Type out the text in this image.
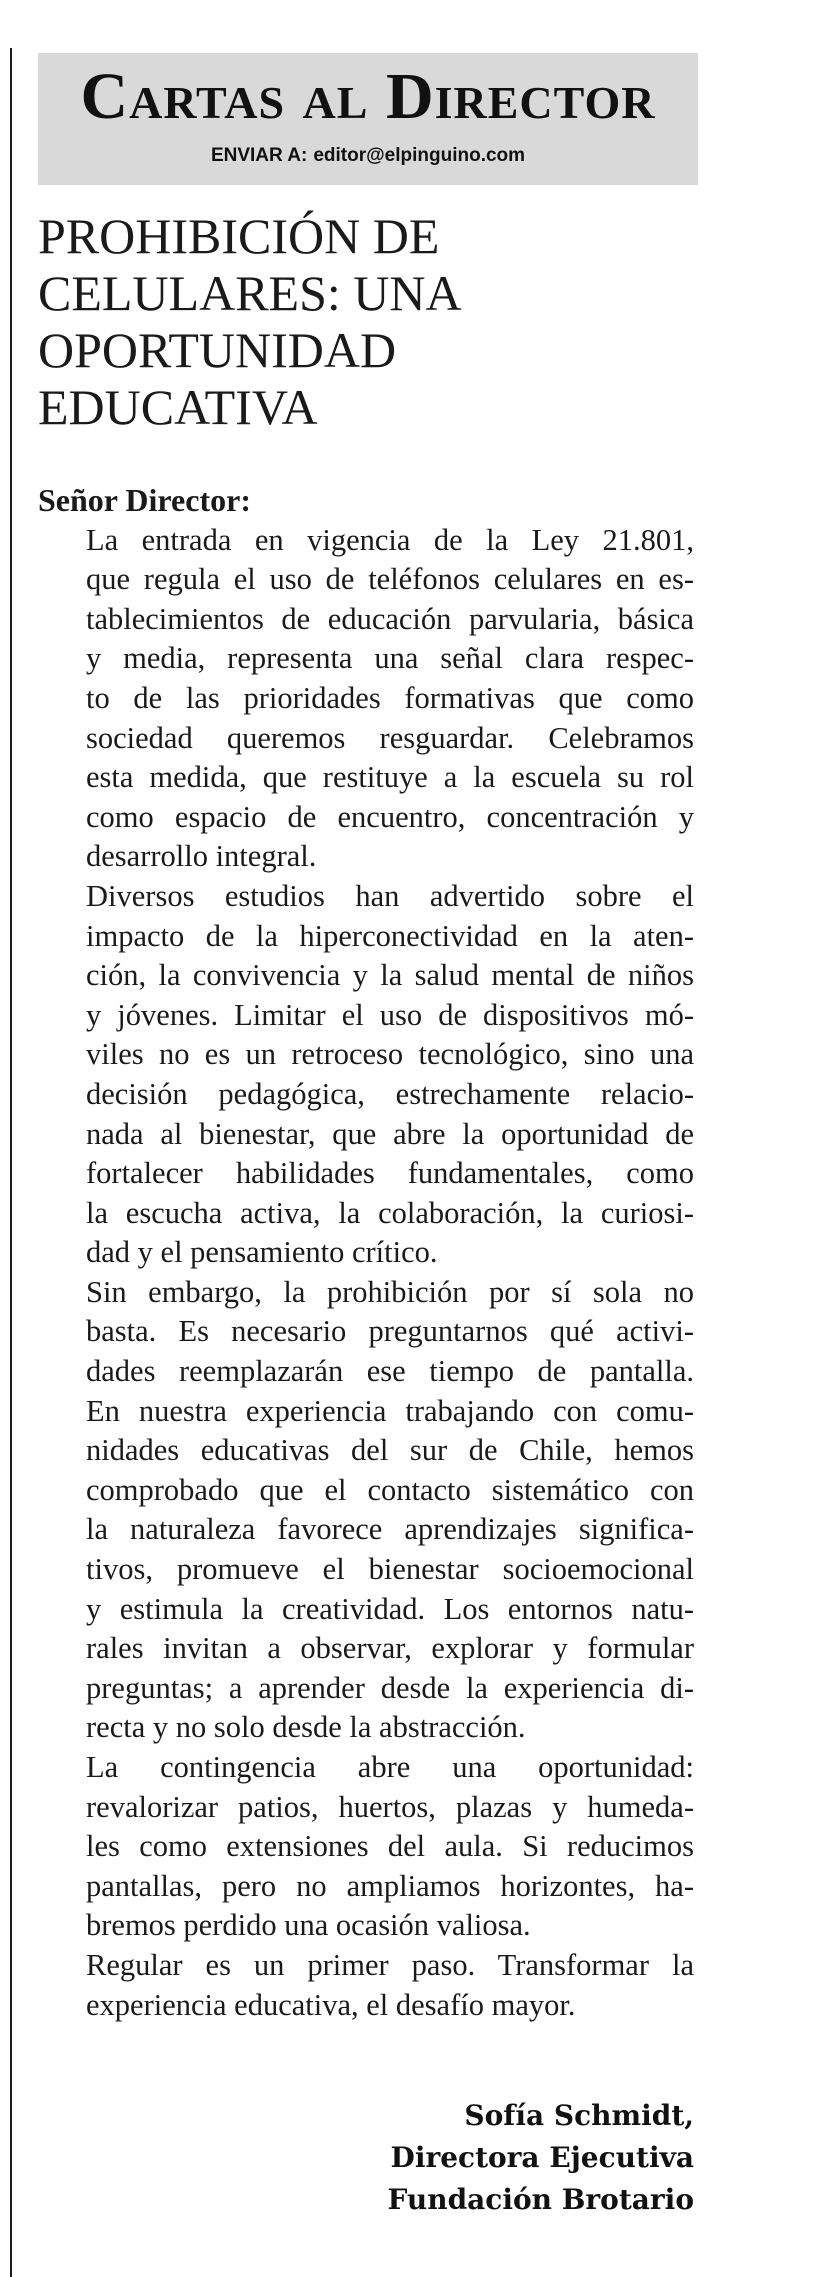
Cartas al Director
ENVIAR A: editor@elpinguino.com
PROHIBICIÓN DE
CELULARES: UNA
OPORTUNIDAD
EDUCATIVA
Señor Director:

La entrada en vigencia de la Ley 21.801,
que regula el uso de teléfonos celulares en es-
tablecimientos de educación parvularia, básica
y media, representa una señal clara respec-
to de las prioridades formativas que como
sociedad queremos resguardar. Celebramos
esta medida, que restituye a la escuela su rol
como espacio de encuentro, concentración y
desarrollo integral.

Diversos estudios han advertido sobre el
impacto de la hiperconectividad en la aten-
ción, la convivencia y la salud mental de niños
y jóvenes. Limitar el uso de dispositivos mó-
viles no es un retroceso tecnológico, sino una
decisión pedagógica, estrechamente relacio-
nada al bienestar, que abre la oportunidad de
fortalecer habilidades fundamentales, como
la escucha activa, la colaboración, la curiosi-
dad y el pensamiento crítico.

Sin embargo, la prohibición por sí sola no
basta. Es necesario preguntarnos qué activi-
dades reemplazarán ese tiempo de pantalla.
En nuestra experiencia trabajando con comu-
nidades educativas del sur de Chile, hemos
comprobado que el contacto sistemático con
la naturaleza favorece aprendizajes significa-
tivos, promueve el bienestar socioemocional
y estimula la creatividad. Los entornos natu-
rales invitan a observar, explorar y formular
preguntas; a aprender desde la experiencia di-
recta y no solo desde la abstracción.

La contingencia abre una oportunidad:
revalorizar patios, huertos, plazas y humeda-
les como extensiones del aula. Si reducimos
pantallas, pero no ampliamos horizontes, ha-
bremos perdido una ocasión valiosa.

Regular es un primer paso. Transformar la
experiencia educativa, el desafío mayor.

Sofía Schmidt,
Directora Ejecutiva
Fundación Brotario
